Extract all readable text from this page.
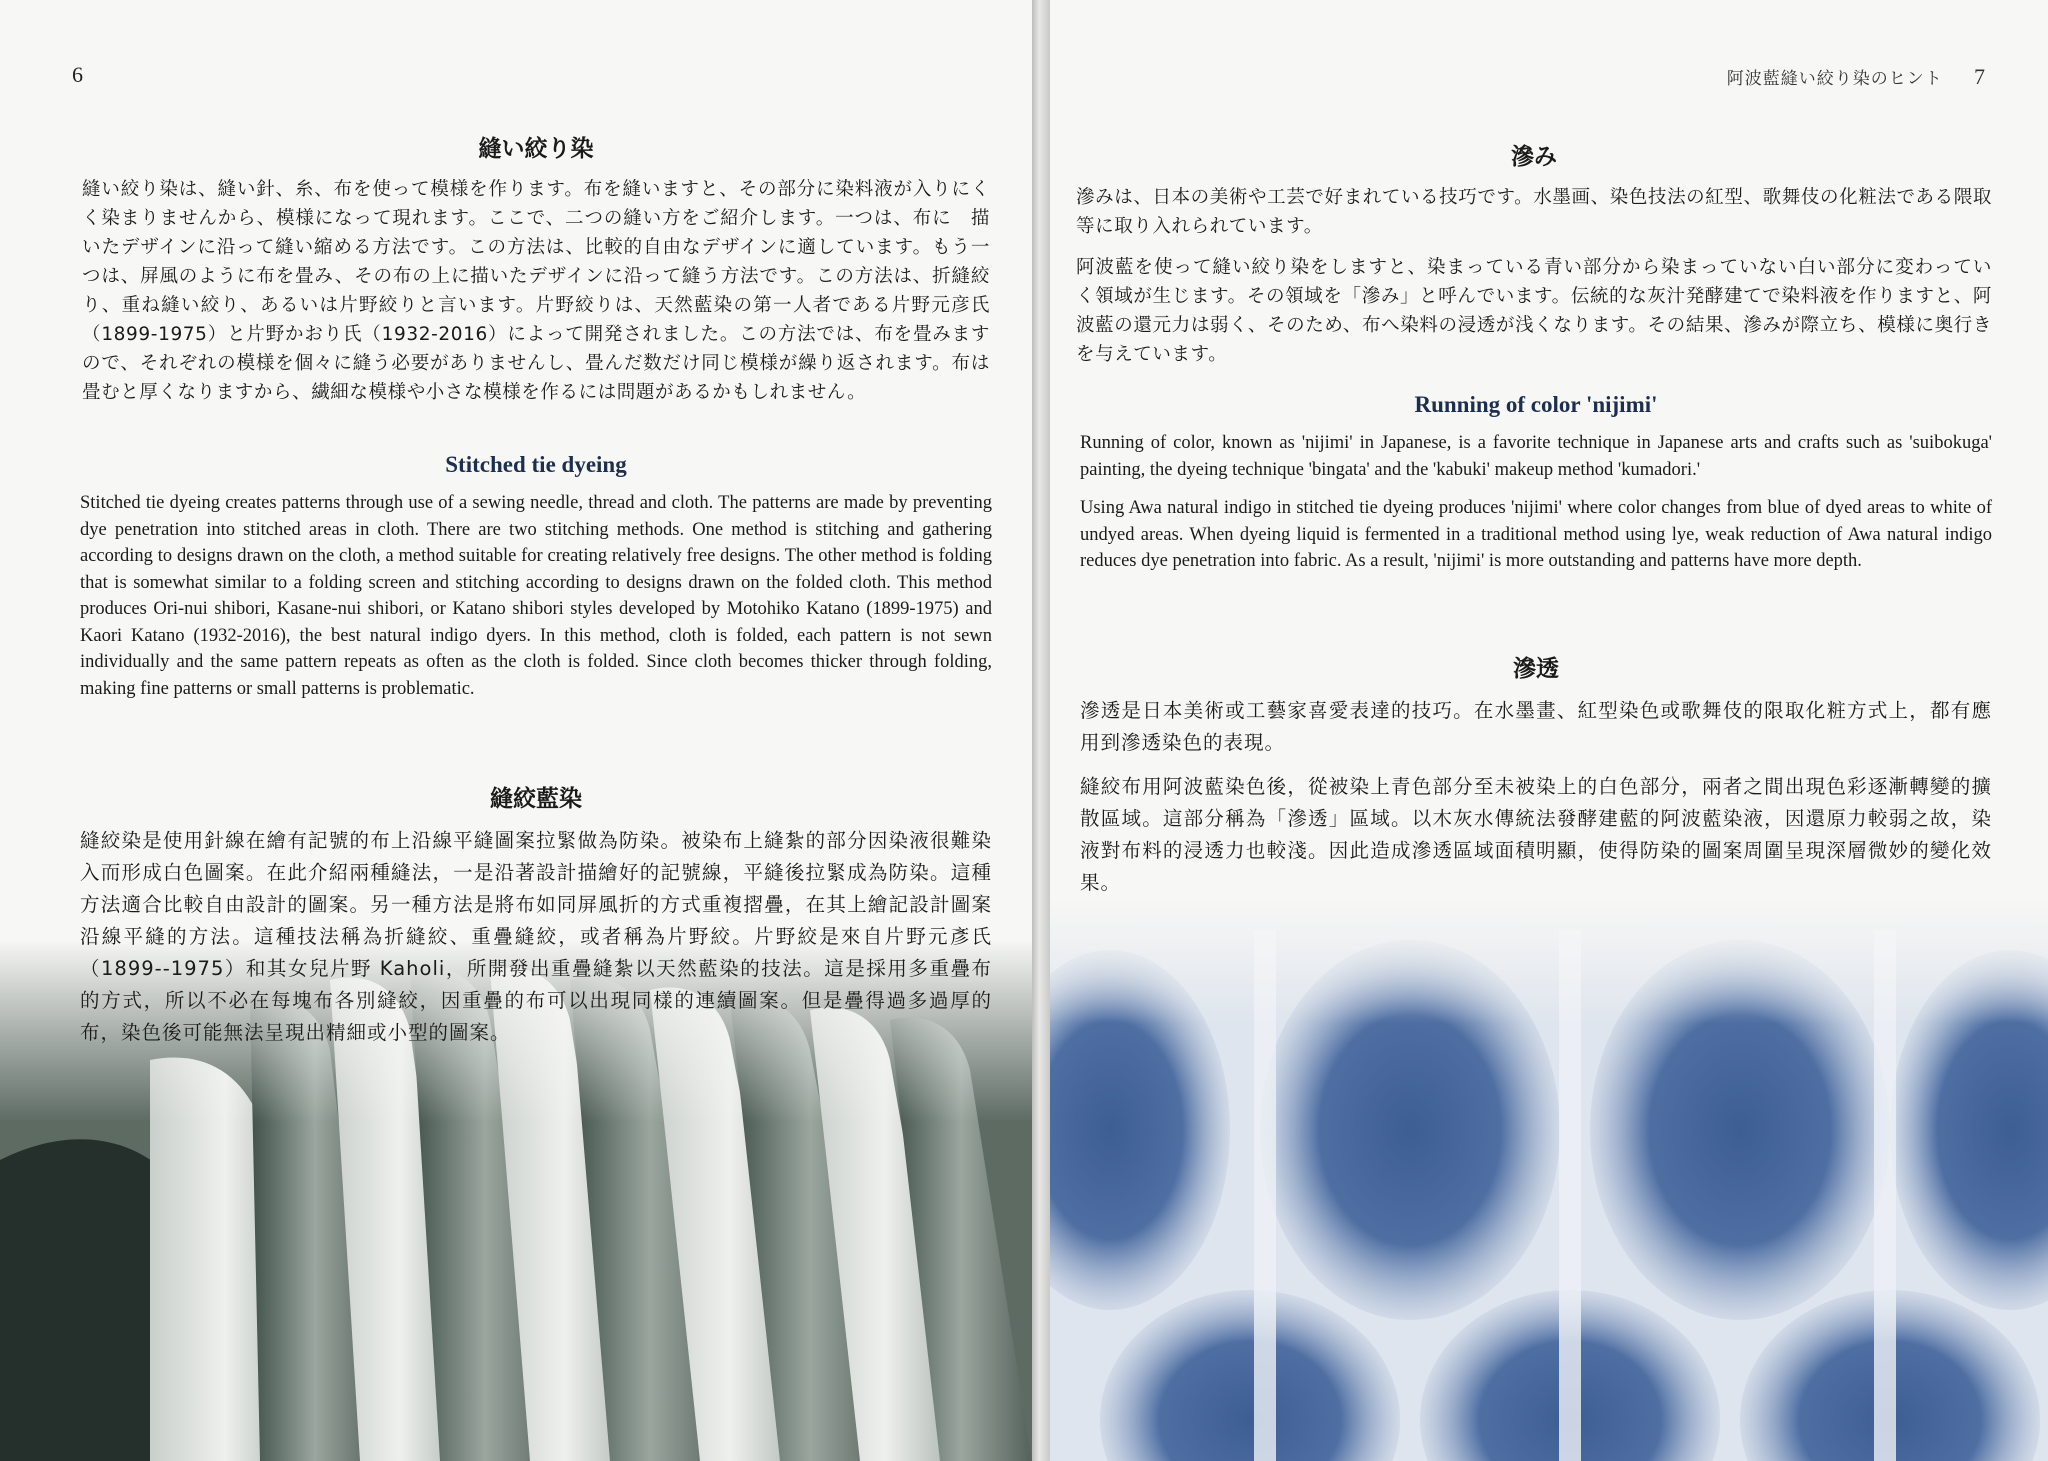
6
縫い絞り染

縫い絞り染は、縫い針、糸、布を使って模様を作ります。布を縫いますと、その部分に染料液が入りにくく染まりませんから、模様になって現れます。ここで、二つの縫い方をご紹介します。一つは、布に　描いたデザインに沿って縫い縮める方法です。この方法は、比較的自由なデザインに適しています。もう一つは、屏風のように布を畳み、その布の上に描いたデザインに沿って縫う方法です。この方法は、折縫絞り、重ね縫い絞り、あるいは片野絞りと言います。片野絞りは、天然藍染の第一人者である片野元彦氏（1899-1975）と片野かおり氏（1932-2016）によって開発されました。この方法では、布を畳みますので、それぞれの模様を個々に縫う必要がありませんし、畳んだ数だけ同じ模様が繰り返されます。布は畳むと厚くなりますから、繊細な模様や小さな模様を作るには問題があるかもしれません。

Stitched tie dyeing

Stitched tie dyeing creates patterns through use of a sewing needle, thread and cloth. The patterns are made by preventing dye penetration into stitched areas in cloth. There are two stitching methods. One method is stitching and gathering according to designs drawn on the cloth, a method suitable for creating relatively free designs. The other method is folding that is somewhat similar to a folding screen and stitching according to designs drawn on the folded cloth. This method produces Ori-nui shibori, Kasane-nui shibori, or Katano shibori styles developed by Motohiko Katano (1899-1975) and Kaori Katano (1932-2016), the best natural indigo dyers. In this method, cloth is folded, each pattern is not sewn individually and the same pattern repeats as often as the cloth is folded. Since cloth becomes thicker through folding, making fine patterns or small patterns is problematic.

縫絞藍染

縫絞染是使用針線在繪有記號的布上沿線平縫圖案拉緊做為防染。被染布上縫紮的部分因染液很難染入而形成白色圖案。在此介紹兩種縫法，一是沿著設計描繪好的記號線，平縫後拉緊成為防染。這種方法適合比較自由設計的圖案。另一種方法是將布如同屏風折的方式重複摺疊，在其上繪記設計圖案沿線平縫的方法。這種技法稱為折縫絞、重疊縫絞，或者稱為片野絞。片野絞是來自片野元彥氏（1899--1975）和其女兒片野 Kaholi，所開發出重疊縫紮以天然藍染的技法。這是採用多重疊布的方式，所以不必在每塊布各別縫絞，因重疊的布可以出現同樣的連續圖案。但是疊得過多過厚的布，染色後可能無法呈現出精細或小型的圖案。

阿波藍縫い絞り染のヒント 7
滲み

滲みは、日本の美術や工芸で好まれている技巧です。水墨画、染色技法の紅型、歌舞伎の化粧法である隈取等に取り入れられています。

阿波藍を使って縫い絞り染をしますと、染まっている青い部分から染まっていない白い部分に変わっていく領域が生じます。その領域を「滲み」と呼んでいます。伝統的な灰汁発酵建てで染料液を作りますと、阿波藍の還元力は弱く、そのため、布へ染料の浸透が浅くなります。その結果、滲みが際立ち、模様に奥行きを与えています。

Running of color 'nijimi'

Running of color, known as 'nijimi' in Japanese, is a favorite technique in Japanese arts and crafts such as 'suibokuga' painting, the dyeing technique 'bingata' and the 'kabuki' makeup method 'kumadori.'

Using Awa natural indigo in stitched tie dyeing produces 'nijimi' where color changes from blue of dyed areas to white of undyed areas. When dyeing liquid is fermented in a traditional method using lye, weak reduction of Awa natural indigo reduces dye penetration into fabric. As a result, 'nijimi' is more outstanding and patterns have more depth.

滲透

滲透是日本美術或工藝家喜愛表達的技巧。在水墨畫、紅型染色或歌舞伎的限取化粧方式上，都有應用到滲透染色的表現。

縫絞布用阿波藍染色後，從被染上青色部分至未被染上的白色部分，兩者之間出現色彩逐漸轉變的擴散區域。這部分稱為「滲透」區域。以木灰水傳統法發酵建藍的阿波藍染液，因還原力較弱之故，染液對布料的浸透力也較淺。因此造成滲透區域面積明顯，使得防染的圖案周圍呈現深層微妙的變化效果。
